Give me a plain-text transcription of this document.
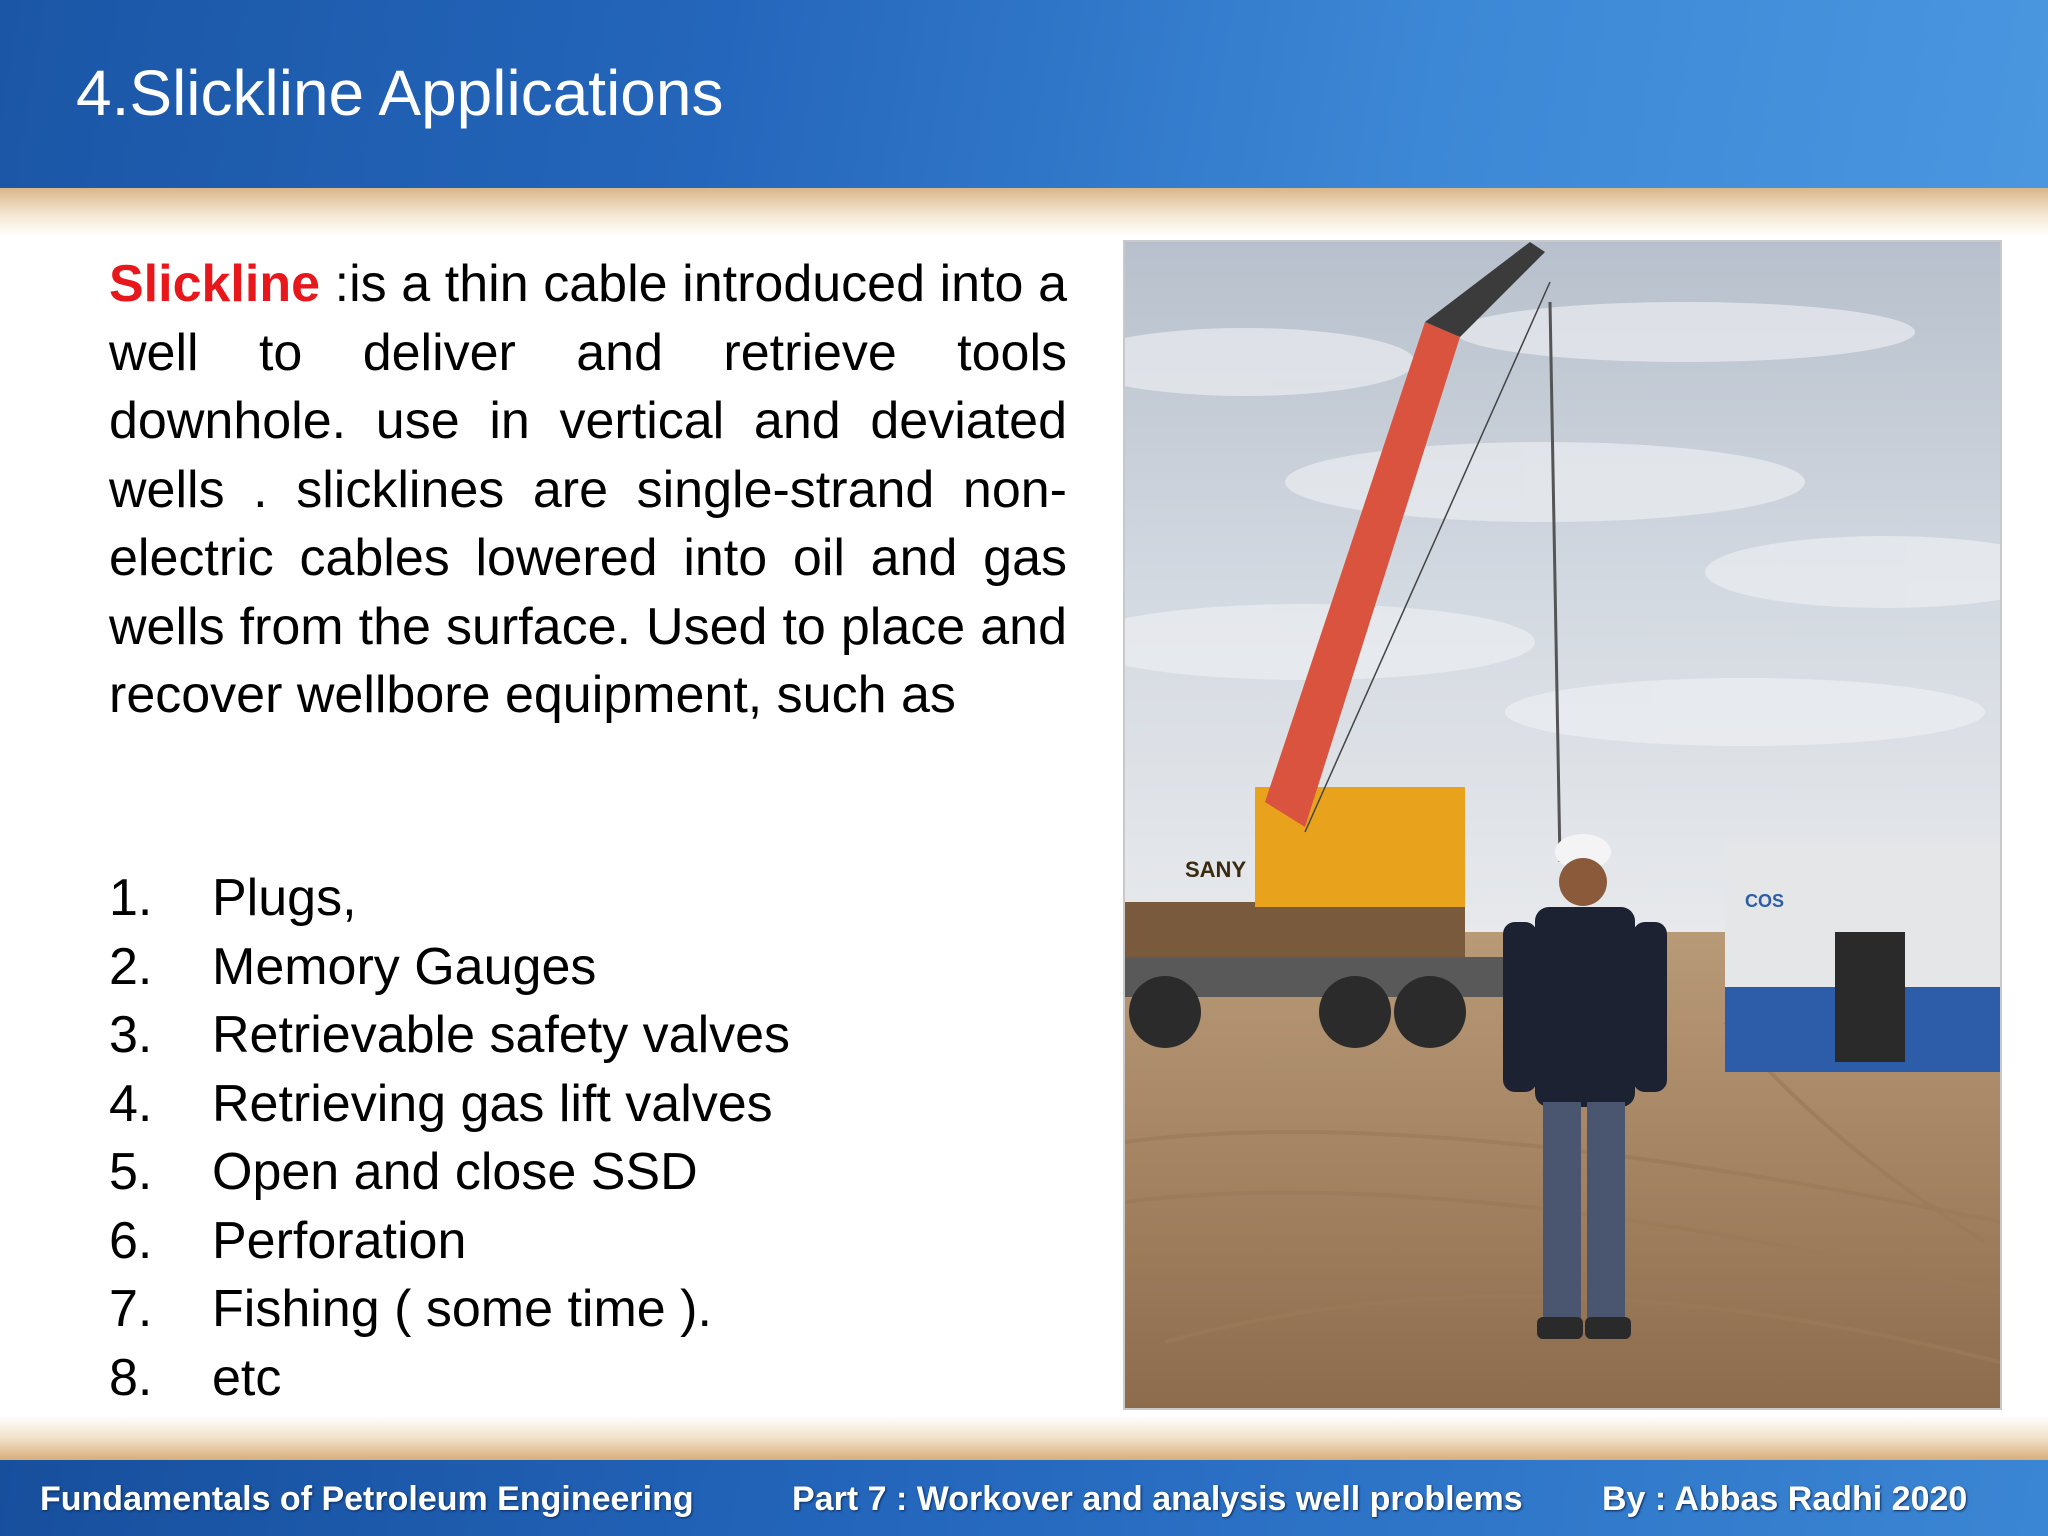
4.Slickline Applications

Slickline :is a thin cable introduced into a well to deliver and retrieve tools downhole. use in vertical and deviated wells . slicklines are single-strand non-electric cables lowered into oil and gas wells from the surface. Used to place and recover wellbore equipment, such as

1. Plugs,
2. Memory Gauges
3. Retrievable safety valves
4. Retrieving gas lift valves
5. Open and close SSD
6. Perforation
7. Fishing ( some time ).
8. etc
SANY
COS
Fundamentals of Petroleum Engineering	Part 7 : Workover and analysis well problems By : Abbas Radhi 2020
